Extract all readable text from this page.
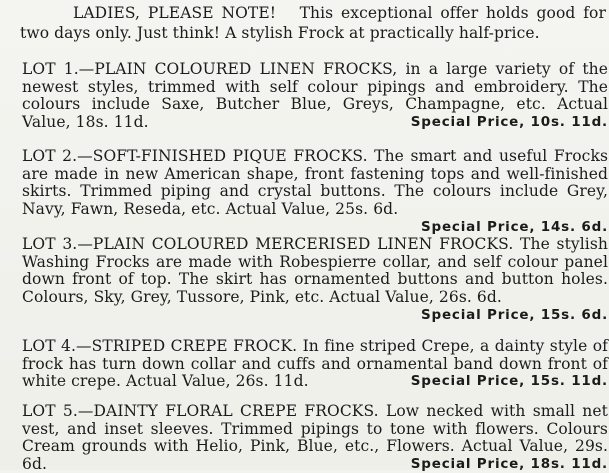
LADIES, PLEASE NOTE! This exceptional offer holds good for two days only. Just think! A stylish Frock at practically half-price.
LOT 1.—PLAIN COLOURED LINEN FROCKS, in a large variety of the newest styles, trimmed with self colour pipings and embroidery. The colours include Saxe, Butcher Blue, Greys, Champagne, etc. Actual Value, 18s. 11d.	Special Price, 10s. 11d.
LOT 2.—SOFT-FINISHED PIQUE FROCKS. The smart and useful Frocks are made in new American shape, front fastening tops and well-finished skirts. Trimmed piping and crystal buttons. The colours include Grey, Navy, Fawn, Reseda, etc. Actual Value, 25s. 6d.
Special Price, 14s. 6d.
LOT 3.—PLAIN COLOURED MERCERISED LINEN FROCKS. The stylish Washing Frocks are made with Robespierre collar, and self colour panel down front of top. The skirt has ornamented buttons and button holes. Colours, Sky, Grey, Tussore, Pink, etc. Actual Value, 26s. 6d.
Special Price, 15s. 6d.
LOT 4.—STRIPED CREPE FROCK. In fine striped Crepe, a dainty style of frock has turn down collar and cuffs and ornamental band down front of white crepe. Actual Value, 26s. 11d.	Special Price, 15s. 11d.
LOT 5.—DAINTY FLORAL CREPE FROCKS. Low necked with small net vest, and inset sleeves. Trimmed pipings to tone with flowers. Colours Cream grounds with Helio, Pink, Blue, etc., Flowers. Actual Value, 29s. 6d.	Special Price, 18s. 11d.
